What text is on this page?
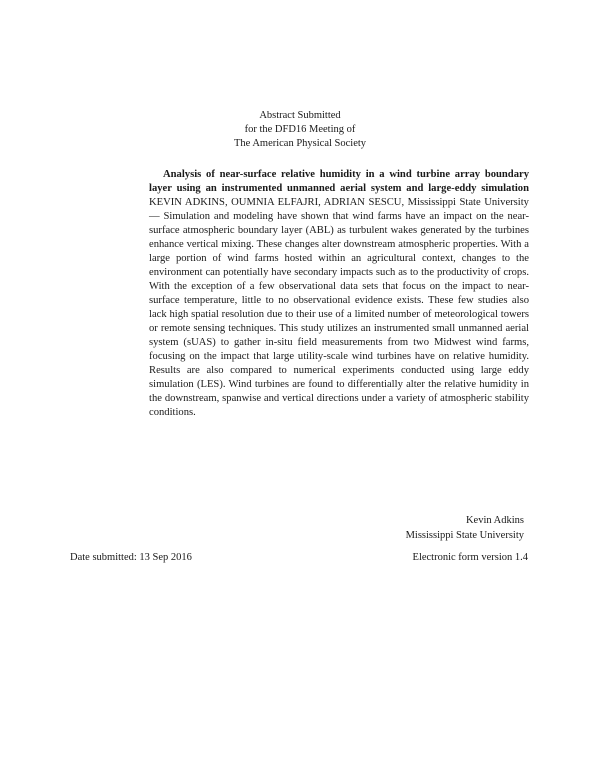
Abstract Submitted
for the DFD16 Meeting of
The American Physical Society
Analysis of near-surface relative humidity in a wind turbine array boundary layer using an instrumented unmanned aerial system and large-eddy simulation KEVIN ADKINS, OUMNIA ELFAJRI, ADRIAN SESCU, Mississippi State University — Simulation and modeling have shown that wind farms have an impact on the near-surface atmospheric boundary layer (ABL) as turbulent wakes generated by the turbines enhance vertical mixing. These changes alter downstream atmospheric properties. With a large portion of wind farms hosted within an agricultural context, changes to the environment can potentially have secondary impacts such as to the productivity of crops. With the exception of a few observational data sets that focus on the impact to near-surface temperature, little to no observational evidence exists. These few studies also lack high spatial resolution due to their use of a limited number of meteorological towers or remote sensing techniques. This study utilizes an instrumented small unmanned aerial system (sUAS) to gather in-situ field measurements from two Midwest wind farms, focusing on the impact that large utility-scale wind turbines have on relative humidity. Results are also compared to numerical experiments conducted using large eddy simulation (LES). Wind turbines are found to differentially alter the relative humidity in the downstream, spanwise and vertical directions under a variety of atmospheric stability conditions.
Kevin Adkins
Mississippi State University
Date submitted: 13 Sep 2016	Electronic form version 1.4
